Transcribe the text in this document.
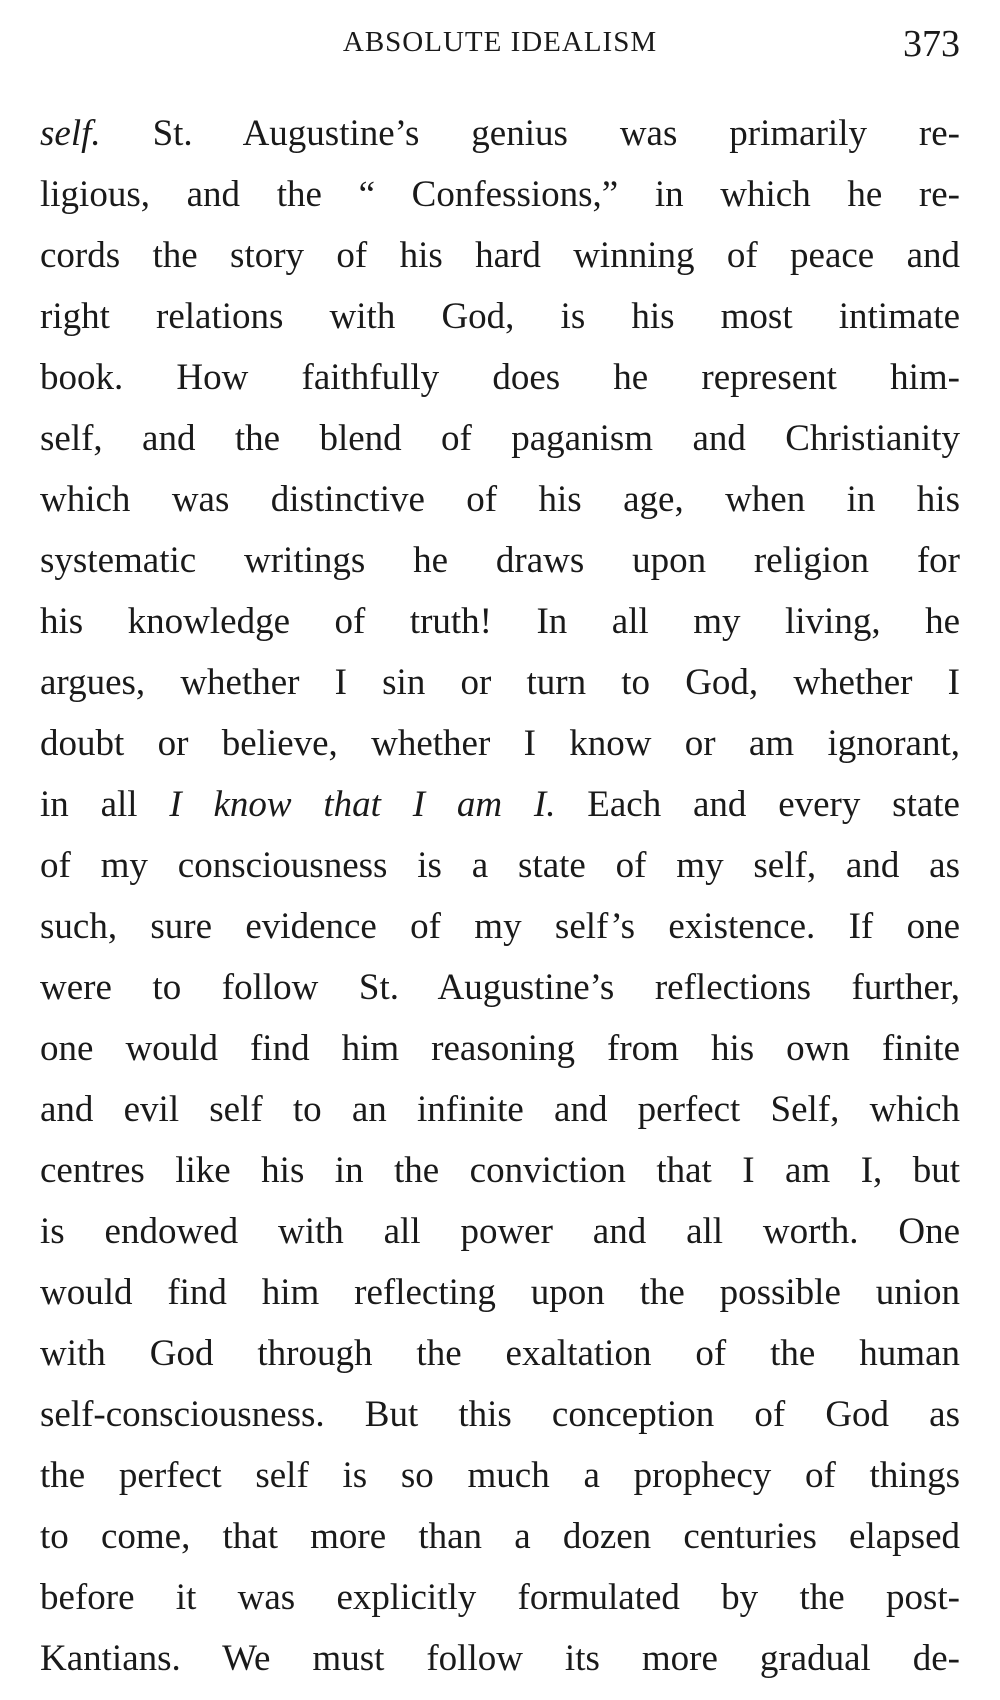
ABSOLUTE IDEALISM	373
self. St. Augustine’s genius was primarily re-
ligious, and the “ Confessions,” in which he re-
cords the story of his hard winning of peace and
right relations with God, is his most intimate
book. How faithfully does he represent him-
self, and the blend of paganism and Christianity
which was distinctive of his age, when in his
systematic writings he draws upon religion for
his knowledge of truth! In all my living, he
argues, whether I sin or turn to God, whether I
doubt or believe, whether I know or am ignorant,
in all I know that I am I. Each and every state
of my consciousness is a state of my self, and as
such, sure evidence of my self’s existence. If one
were to follow St. Augustine’s reflections further,
one would find him reasoning from his own finite
and evil self to an infinite and perfect Self, which
centres like his in the conviction that I am I, but
is endowed with all power and all worth. One
would find him reflecting upon the possible union
with God through the exaltation of the human
self-consciousness. But this conception of God as
the perfect self is so much a prophecy of things
to come, that more than a dozen centuries elapsed
before it was explicitly formulated by the post-
Kantians. We must follow its more gradual de-
